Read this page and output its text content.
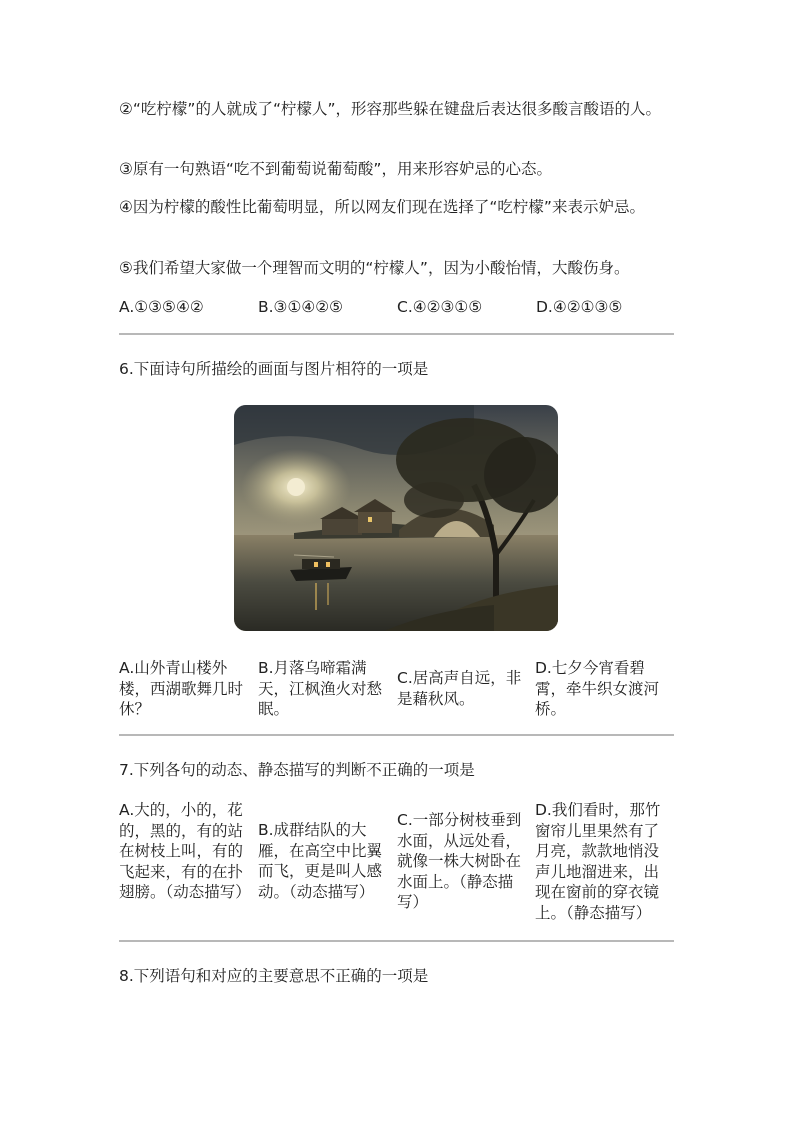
②“吃柠檬”的人就成了“柠檬人”，形容那些躲在键盘后表达很多酸言酸语的人。
③原有一句熟语“吃不到葡萄说葡萄酸”，用来形容妒忌的心态。
④因为柠檬的酸性比葡萄明显，所以网友们现在选择了“吃柠檬”来表示妒忌。
⑤我们希望大家做一个理智而文明的“柠檬人”，因为小酸怡情，大酸伤身。
A.①③⑤④②	B.③①④②⑤	C.④②③①⑤	D.④②①③⑤
6.下面诗句所描绘的画面与图片相符的一项是
A.山外青山楼外楼，西湖歌舞几时休？
B.月落乌啼霜满天，江枫渔火对愁眠。
C.居高声自远，非是藉秋风。
D.七夕今宵看碧霄，牵牛织女渡河桥。
7.下列各句的动态、静态描写的判断不正确的一项是
A.大的，小的，花的，黑的，有的站在树枝上叫，有的飞起来，有的在扑翅膀。（动态描写）
B.成群结队的大雁，在高空中比翼而飞，更是叫人感动。（动态描写）
C.一部分树枝垂到水面，从远处看，就像一株大树卧在水面上。（静态描写）
D.我们看时，那竹窗帘儿里果然有了月亮，款款地悄没声儿地溜进来，出现在窗前的穿衣镜上。（静态描写）
8.下列语句和对应的主要意思不正确的一项是
